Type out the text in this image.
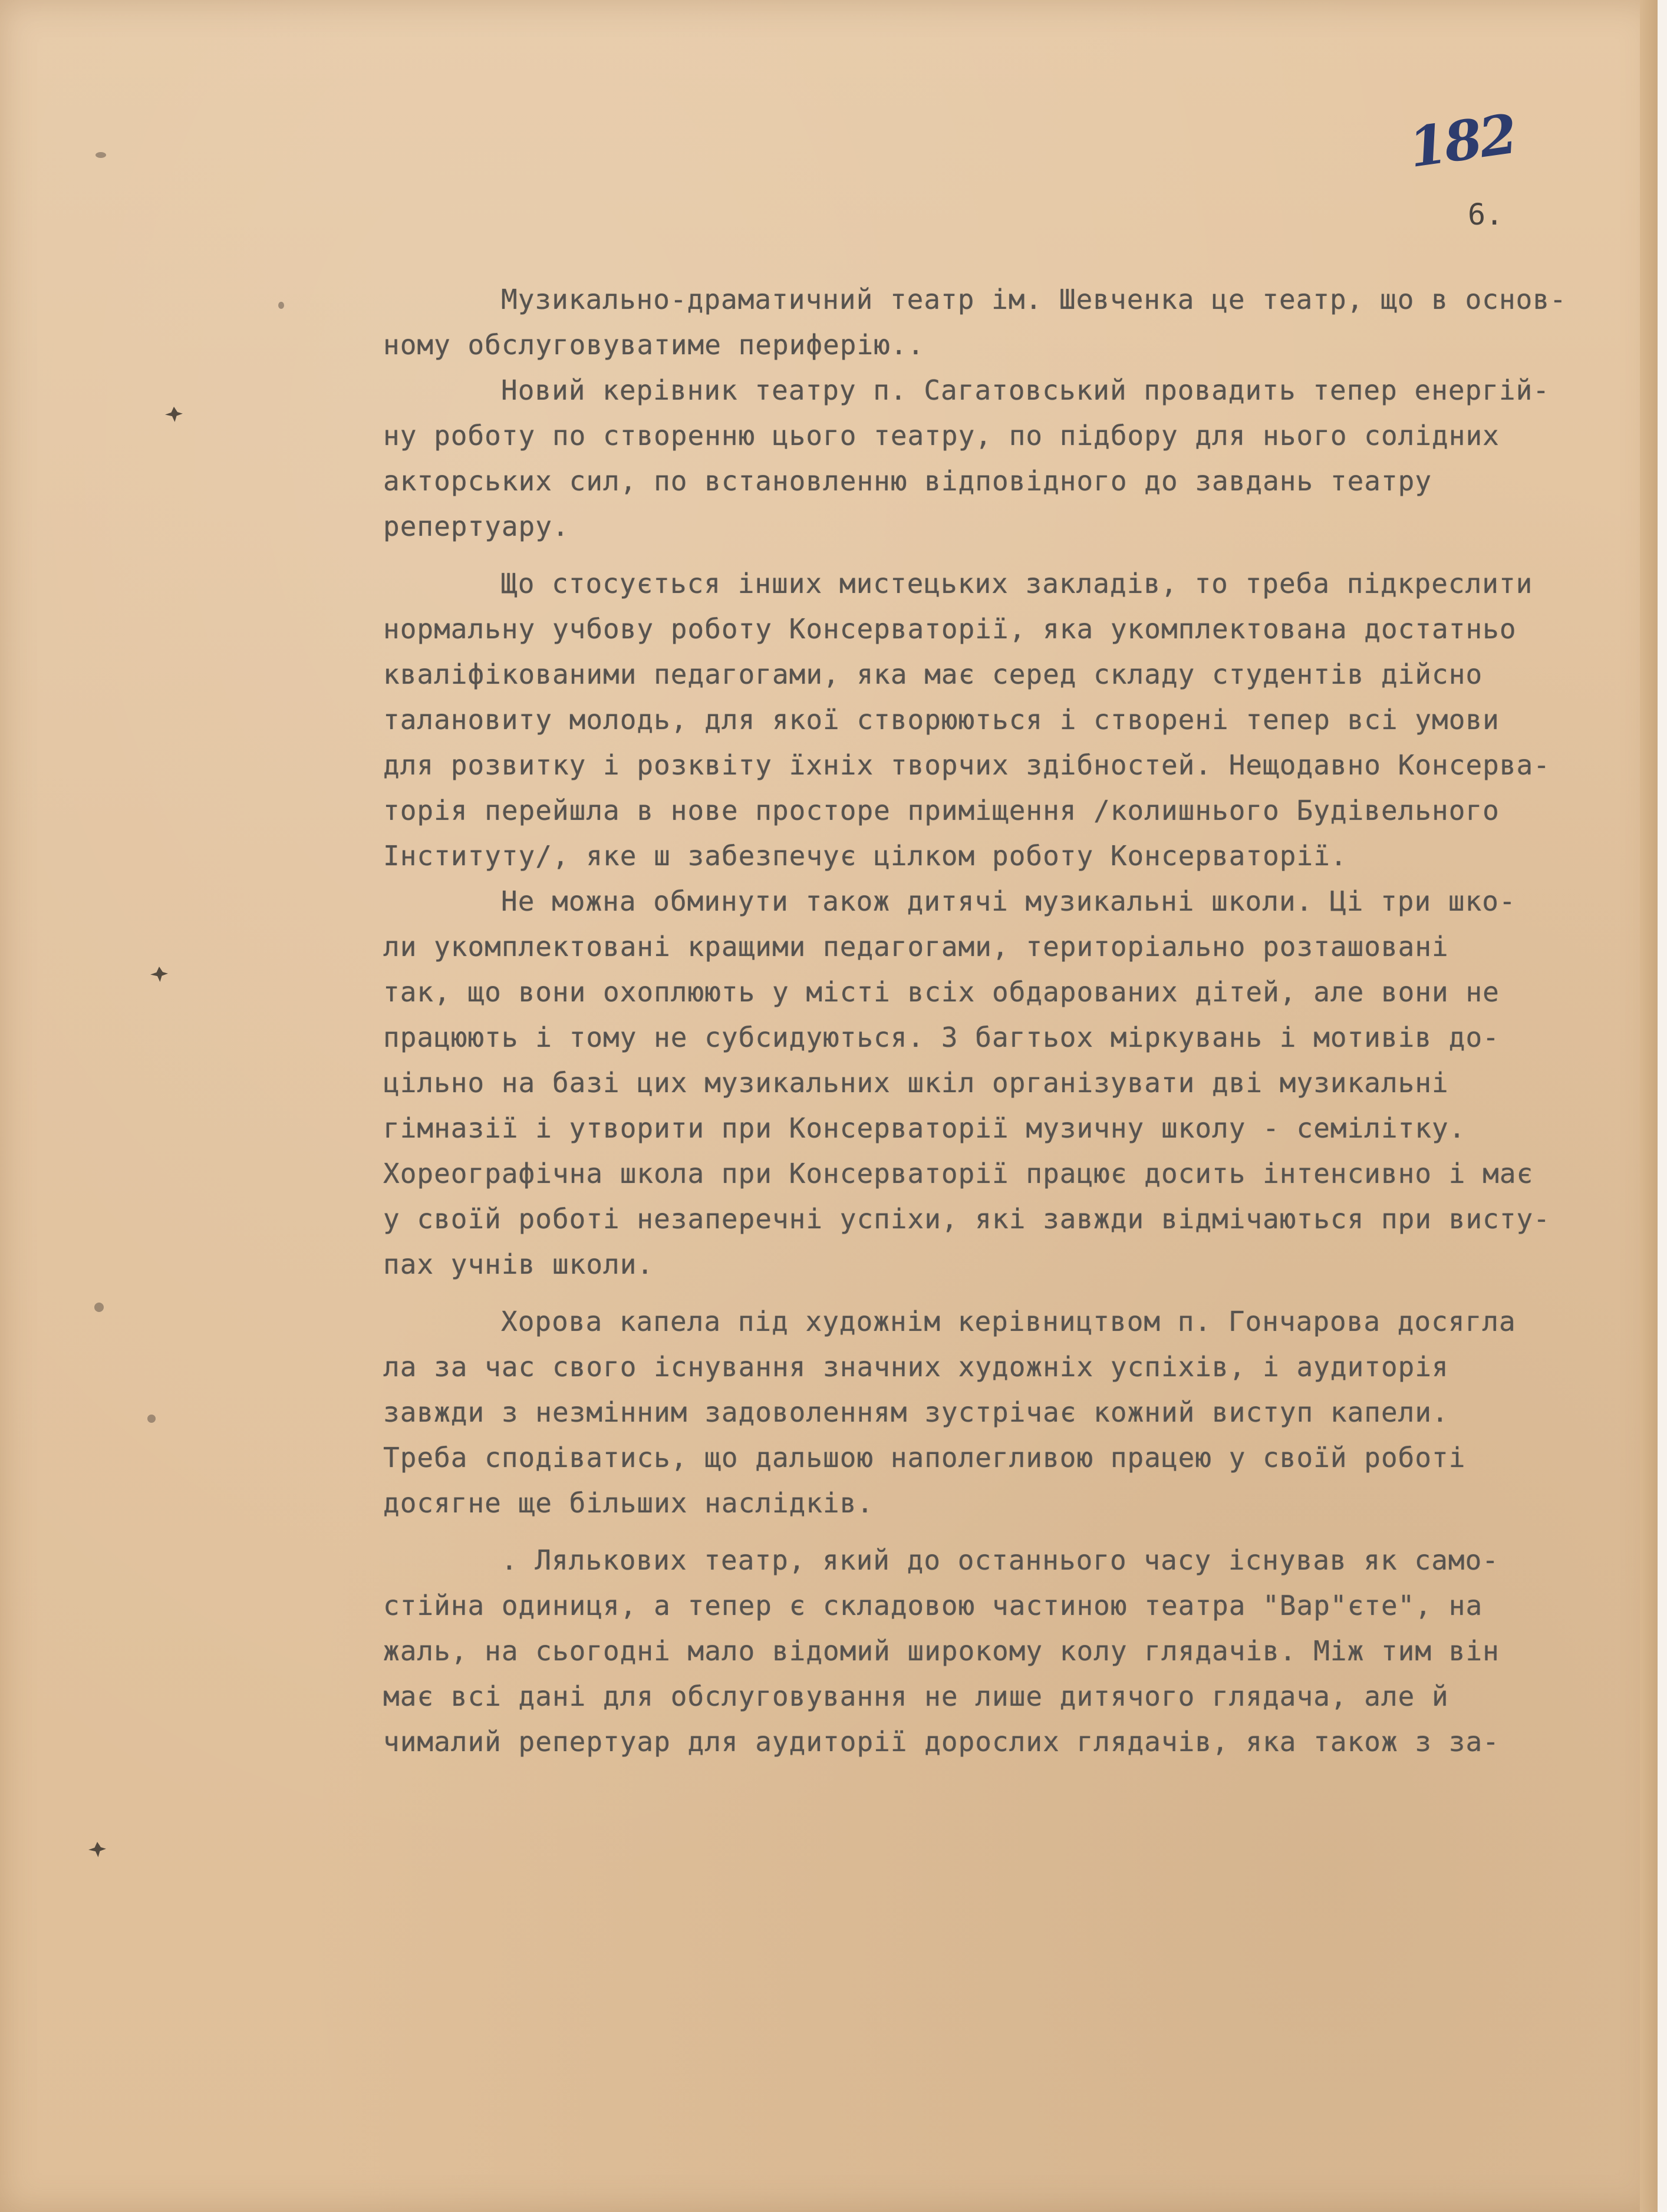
182
6.
Музикально-драматичний театр ім. Шевченка це театр, що в основ-
ному обслуговуватиме периферію..
Новий керівник театру п. Сагатовський провадить тепер енергій-
ну роботу по створенню цього театру, по підбору для нього солідних
акторських сил, по встановленню відповідного до завдань театру
репертуару.
Що стосується інших мистецьких закладів, то треба підкреслити
нормальну учбову роботу Консерваторії, яка укомплектована достатньо
кваліфікованими педагогами, яка має серед складу студентів дійсно
талановиту молодь, для якої створюються і створені тепер всі умови
для розвитку і розквіту їхніх творчих здібностей. Нещодавно Консерва-
торія перейшла в нове просторе приміщення /колишнього Будівельного
Інституту/, яке ш забезпечує цілком роботу Консерваторії.
Не можна обминути також дитячі музикальні школи. Ці три шко-
ли укомплектовані кращими педагогами, територіально розташовані
так, що вони охоплюють у місті всіх обдарованих дітей, але вони не
працюють і тому не субсидуються. З багтьох міркувань і мотивів до-
цільно на базі цих музикальних шкіл організувати дві музикальні
гімназії і утворити при Консерваторії музичну школу - семілітку.
Хореографічна школа при Консерваторії працює досить інтенсивно і має
у своїй роботі незаперечні успіхи, які завжди відмічаються при висту-
пах учнів школи.
Хорова капела під художнім керівництвом п. Гончарова досягла
ла за час свого існування значних художніх успіхів, і аудиторія
завжди з незмінним задоволенням зустрічає кожний виступ капели.
Треба сподіватись, що дальшою наполегливою працею у своїй роботі
досягне ще більших наслідків.
. Лялькових театр, який до останнього часу існував як само-
стійна одиниця, а тепер є складовою частиною театра "Вар"єте", на
жаль, на сьогодні мало відомий широкому колу глядачів. Між тим він
має всі дані для обслуговування не лише дитячого глядача, але й
чималий репертуар для аудиторії дорослих глядачів, яка також з за-
